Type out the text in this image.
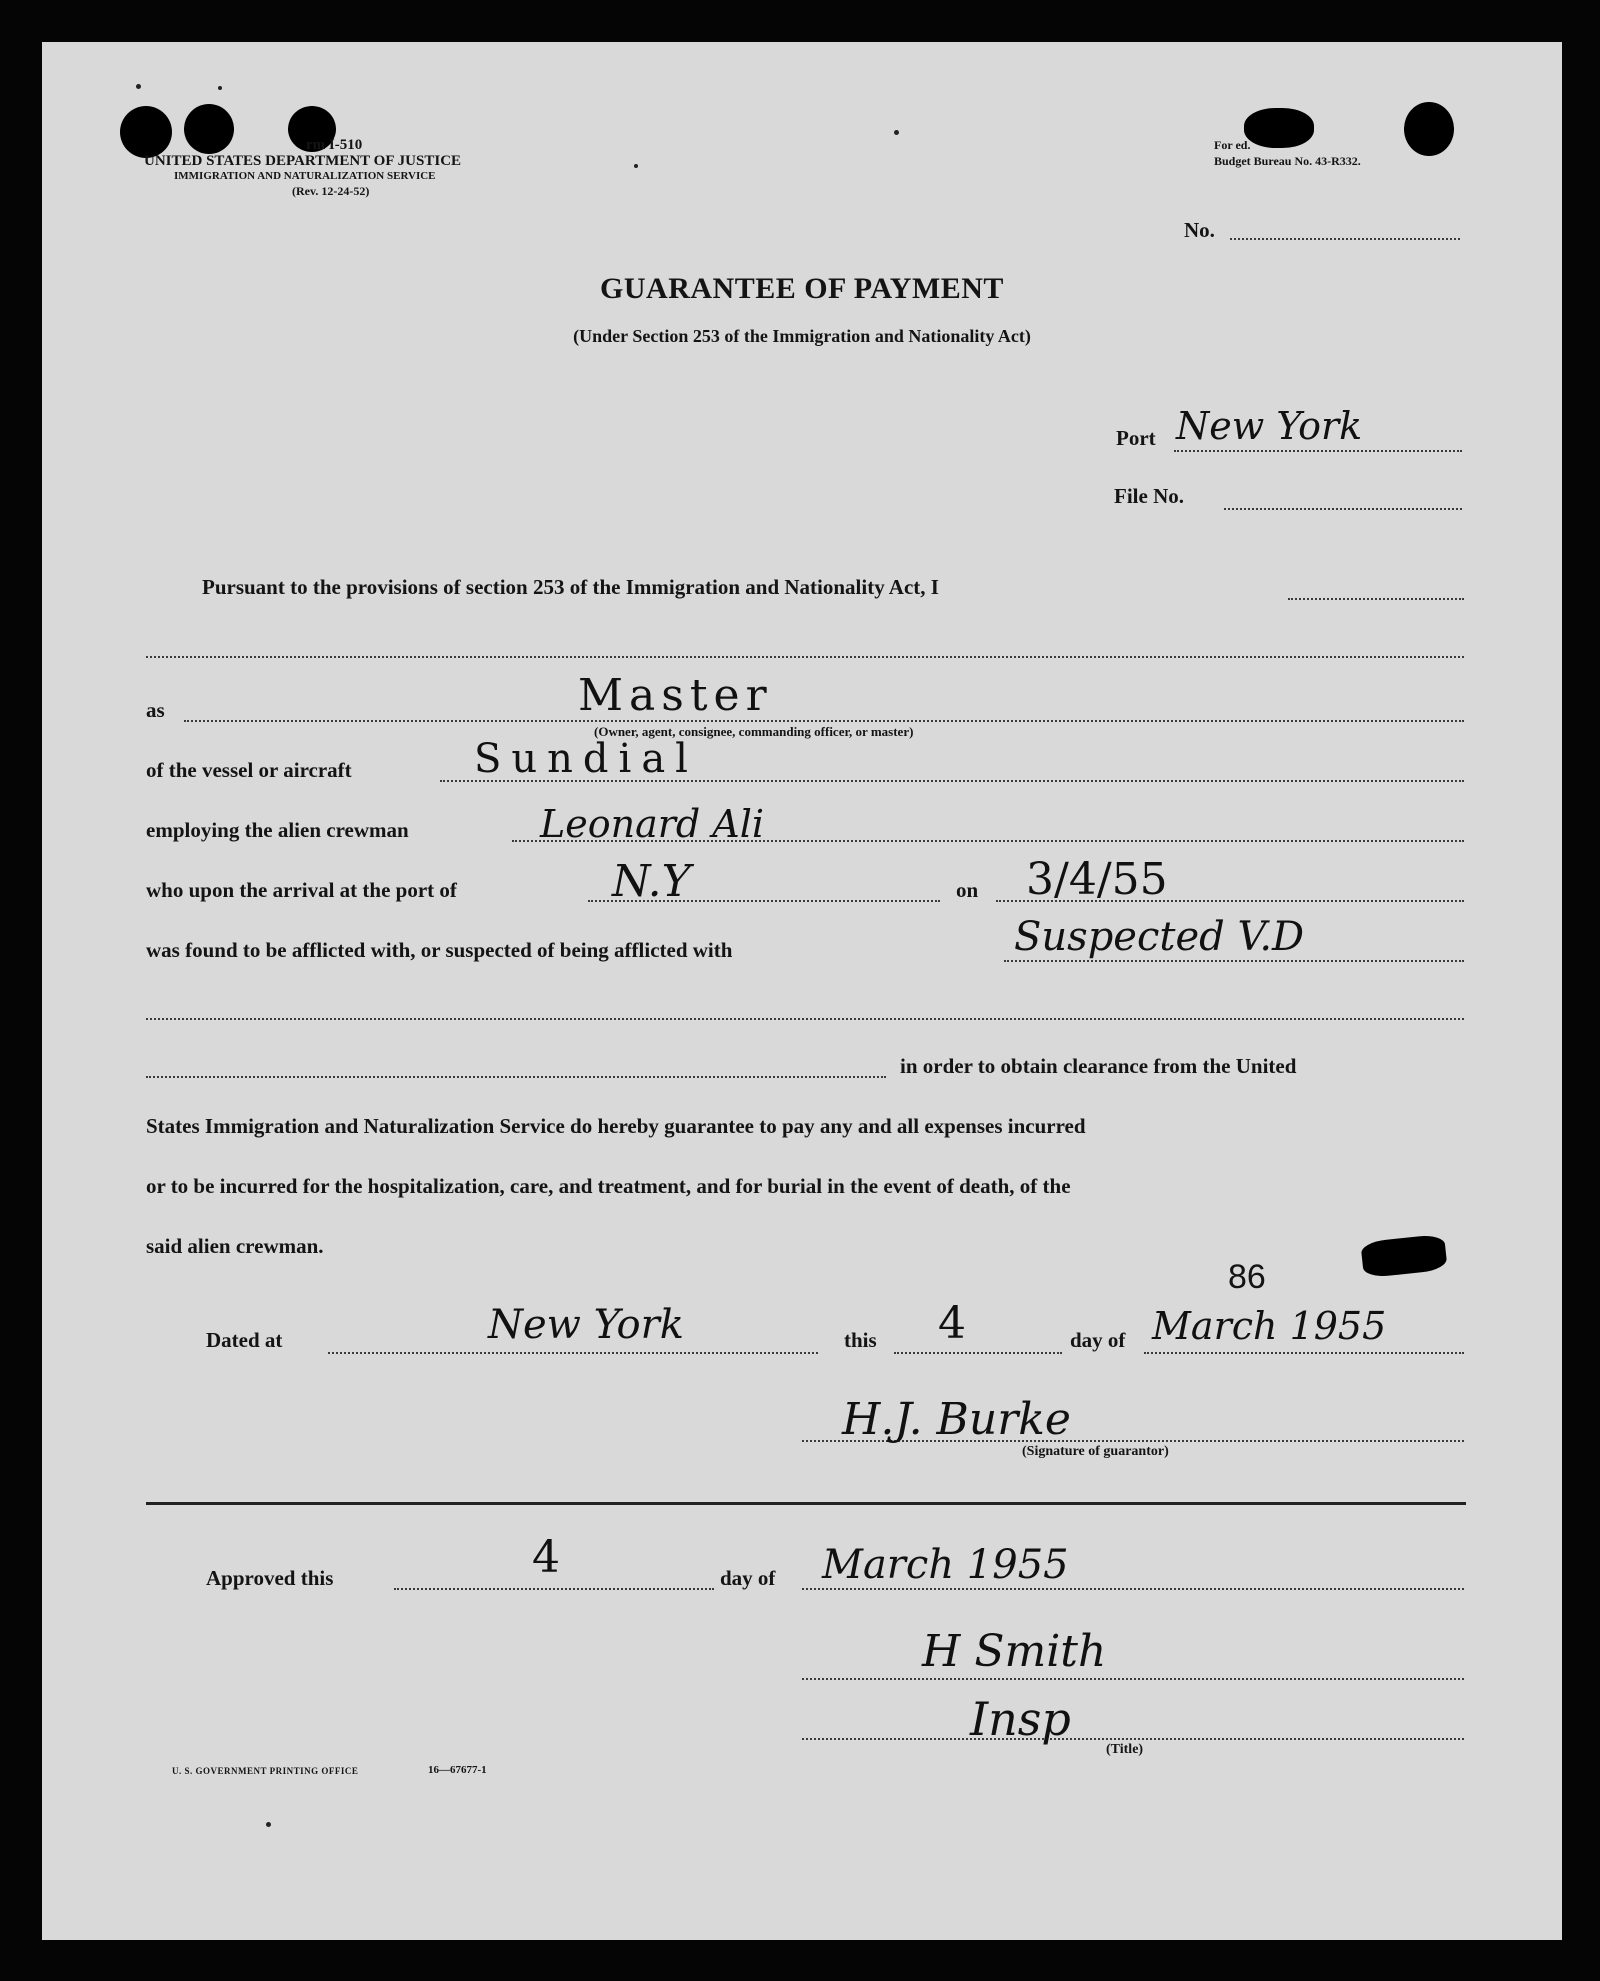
rm I-510
UNITED STATES DEPARTMENT OF JUSTICE
IMMIGRATION AND NATURALIZATION SERVICE
(Rev. 12-24-52)
For ed.
Budget Bureau No. 43-R332.
No.
GUARANTEE OF PAYMENT
(Under Section 253 of the Immigration and Nationality Act)
Port New York
File No.
Pursuant to the provisions of section 253 of the Immigration and Nationality Act, I
as	Master
(Owner, agent, consignee, commanding officer, or master)
of the vessel or aircraft	Sundial
employing the alien crewman	Leonard Ali
who upon the arrival at the port of	N.Y	on 3/4/55
was found to be afflicted with, or suspected of being afflicted with	Suspected V.D
in order to obtain clearance from the United
States Immigration and Naturalization Service do hereby guarantee to pay any and all expenses incurred
or to be incurred for the hospitalization, care, and treatment, and for burial in the event of death, of the
said alien crewman.
86
Dated at	New York	this 4	day of March 1955
H.J. Burke
(Signature of guarantor)
Approved this	4	day of March 1955
H Smith
Insp
(Title)
U. S. GOVERNMENT PRINTING OFFICE	16—67677-1
